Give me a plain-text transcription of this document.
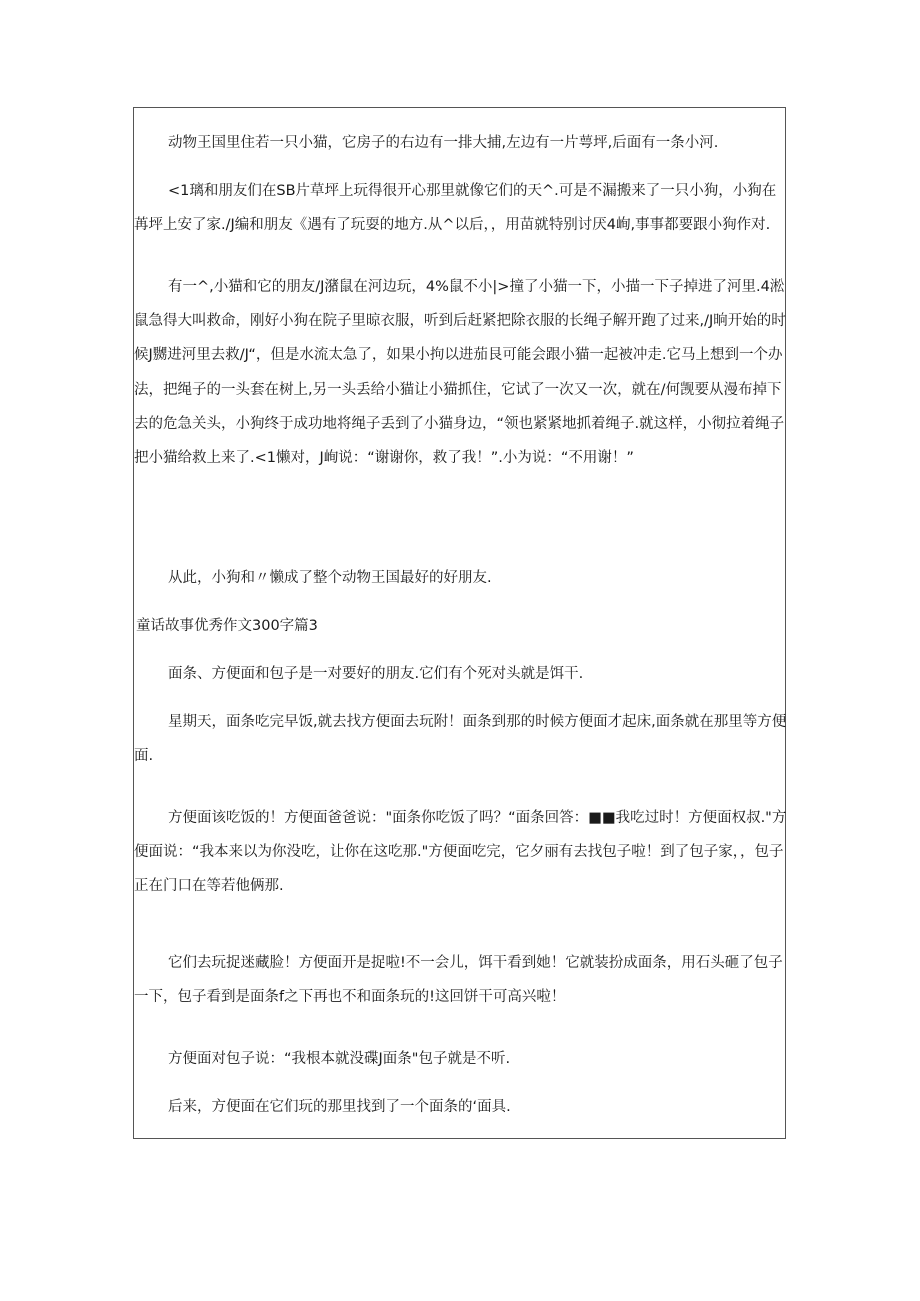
动物王国里住若一只小猫，它房子的右边有一排大捕,左边有一片萼坪,后面有一条小河.

<1璃和朋友们在SB片草坪上玩得很开心那里就像它们的天^.可是不漏搬来了一只小狗，小狗在苒坪上安了家./J编和朋友《遇有了玩耍的地方.从^以后，，用苗就特别讨厌4峋,事事都要跟小狗作对.

有一^,小猫和它的朋友/J潴鼠在河边玩，4%鼠不小|>撞了小猫一下，小描一下子掉进了河里.4淞鼠急得大叫救命，刚好小狗在院子里晾衣服，听到后赶紧把除衣服的长绳子解开跑了过来,/J晌开始的时候J嬲进河里去救/J“，但是水流太急了，如果小拘以进茄艮可能会跟小猫一起被冲走.它马上想到一个办法，把绳子的一头套在树上,另一头丢给小猫让小猫抓住，它试了一次又一次，就在/何觊要从漫布掉下去的危急关头，小狗终于成功地将绳子丢到了小猫身边，“领也紧紧地抓着绳子.就这样，小彻拉着绳子把小猫给救上来了.<1懒对，J峋说：“谢谢你，救了我！”.小为说：“不用谢！”

从此，小狗和〃懒成了整个动物王国最好的好朋友.

童话故事优秀作文300字篇3

面条、方便面和包子是一对要好的朋友.它们有个死对头就是饵干.

星期天，面条吃完早饭,就去找方便面去玩附！面条到那的时候方便面才起床,面条就在那里等方便面.

方便面该吃饭的！方便面爸爸说："面条你吃饭了吗？“面条回答：■■我吃过时！方便面权叔."方便面说：“我本来以为你没吃，让你在这吃那."方便面吃完，它夕丽有去找包子啦！到了包子家，，包子正在门口在等若他俩那.

它们去玩捉迷藏脸！方便面开是捉啦!不一会儿，饵干看到她！它就装扮成面条，用石头砸了包子一下，包子看到是面条f之下再也不和面条玩的!这回饼干可高兴啦！

方便面对包子说：“我根本就没碟J面条"包子就是不听.

后来，方便面在它们玩的那里找到了一个面条的‘面具.
